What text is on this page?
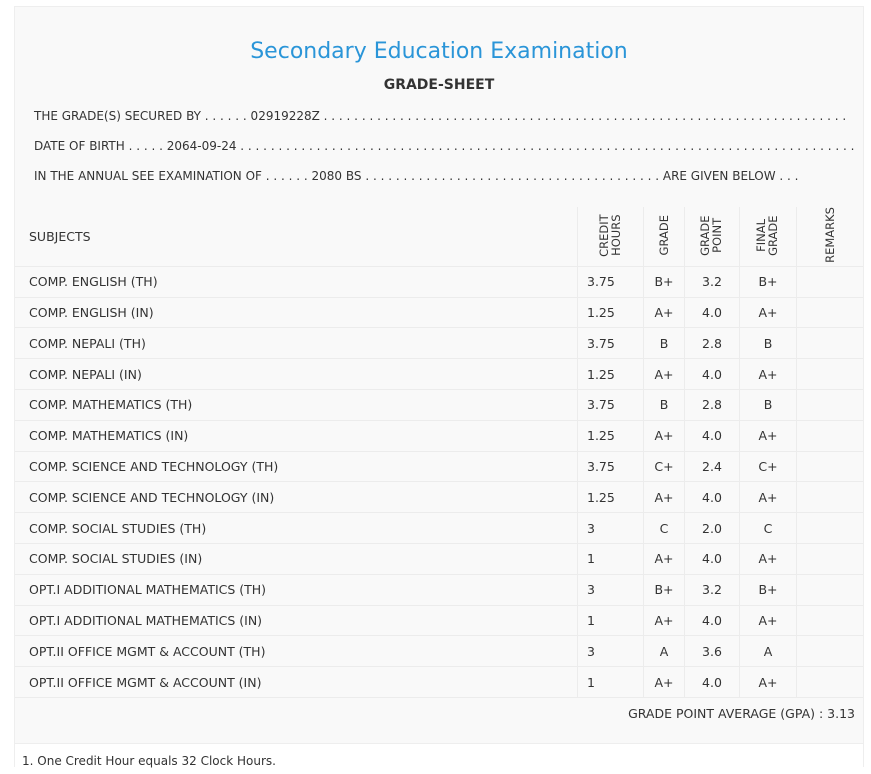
Secondary Education Examination
GRADE-SHEET
THE GRADE(S) SECURED BY . . . . . . 02919228Z . . . . . . . . . . . . . . . . . . . . . . . . . . . . . . . . . . . . . . . . . . . . . . . . . . . . . . . . . . . . . . . . . . . . .
DATE OF BIRTH . . . . . 2064-09-24 . . . . . . . . . . . . . . . . . . . . . . . . . . . . . . . . . . . . . . . . . . . . . . . . . . . . . . . . . . . . . . . . . . . . . . . . . . . . . . . . .
IN THE ANNUAL SEE EXAMINATION OF . . . . . . 2080 BS . . . . . . . . . . . . . . . . . . . . . . . . . . . . . . . . . . . . . . . ARE GIVEN BELOW . . .
SUBJECTS	CREDIT HOURS	GRADE	GRADE POINT	FINAL GRADE	REMARKS
COMP. ENGLISH (TH)	3.75	B+	3.2	B+	
COMP. ENGLISH (IN)	1.25	A+	4.0	A+	
COMP. NEPALI (TH)	3.75	B	2.8	B	
COMP. NEPALI (IN)	1.25	A+	4.0	A+	
COMP. MATHEMATICS (TH)	3.75	B	2.8	B	
COMP. MATHEMATICS (IN)	1.25	A+	4.0	A+	
COMP. SCIENCE AND TECHNOLOGY (TH)	3.75	C+	2.4	C+	
COMP. SCIENCE AND TECHNOLOGY (IN)	1.25	A+	4.0	A+	
COMP. SOCIAL STUDIES (TH)	3	C	2.0	C	
COMP. SOCIAL STUDIES (IN)	1	A+	4.0	A+	
OPT.I ADDITIONAL MATHEMATICS (TH)	3	B+	3.2	B+	
OPT.I ADDITIONAL MATHEMATICS (IN)	1	A+	4.0	A+	
OPT.II OFFICE MGMT & ACCOUNT (TH)	3	A	3.6	A	
OPT.II OFFICE MGMT & ACCOUNT (IN)	1	A+	4.0	A+	
GRADE POINT AVERAGE (GPA) : 3.13
1. One Credit Hour equals 32 Clock Hours.
